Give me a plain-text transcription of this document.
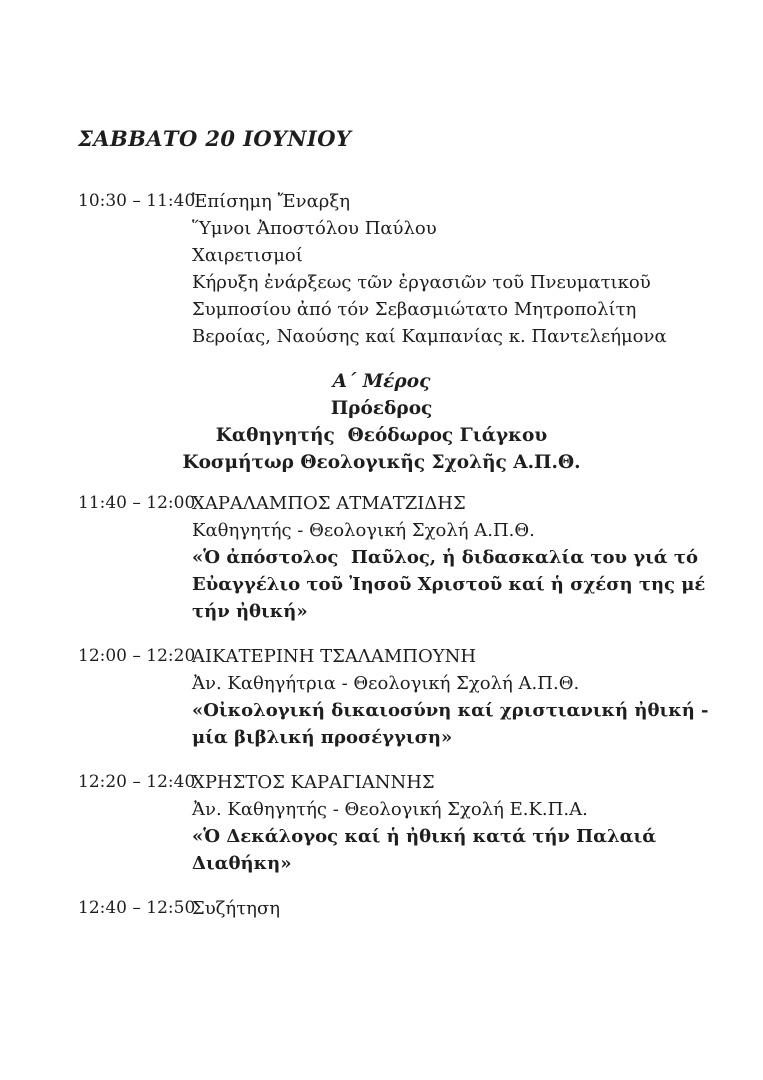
ΣΑΒΒΑΤΟ 20 ΙΟΥΝΙΟΥ
10:30 – 11:40

Ἐπίσημη Ἔναρξη

Ὕμνοι Ἀποστόλου Παύλου

Χαιρετισμοί

Κήρυξη ἐνάρξεως τῶν ἐργασιῶν τοῦ Πνευματικοῦ

Συμποσίου ἀπό τόν Σεβασμιώτατο Μητροπολίτη

Βεροίας, Ναούσης καί Καμπανίας κ. Παντελεήμονα

Α΄ Μέρος

Πρόεδρος

Καθηγητής  Θεόδωρος Γιάγκου

Κοσμήτωρ Θεολογικῆς Σχολῆς Α.Π.Θ.

11:40 – 12:00

ΧΑΡΑΛΑΜΠΟΣ ΑΤΜΑΤΖΙΔΗΣ

Καθηγητής - Θεολογική Σχολή Α.Π.Θ.

«Ὁ ἀπόστολος  Παῦλος, ἡ διδασκαλία του γιά τό

Εὐαγγέλιο τοῦ Ἰησοῦ Χριστοῦ καί ἡ σχέση της μέ

τήν ἠθική»

12:00 – 12:20

ΑΙΚΑΤΕΡΙΝΗ ΤΣΑΛΑΜΠΟΥΝΗ

Ἀν. Καθηγήτρια - Θεολογική Σχολή Α.Π.Θ.

«Οἰκολογική δικαιοσύνη καί χριστιανική ἠθική -

μία βιβλική προσέγγιση»

12:20 – 12:40

ΧΡΗΣΤΟΣ ΚΑΡΑΓΙΑΝΝΗΣ

Ἀν. Καθηγητής - Θεολογική Σχολή Ε.Κ.Π.Α.

«Ὁ Δεκάλογος καί ἡ ἠθική κατά τήν Παλαιά

Διαθήκη»

12:40 – 12:50

Συζήτηση
